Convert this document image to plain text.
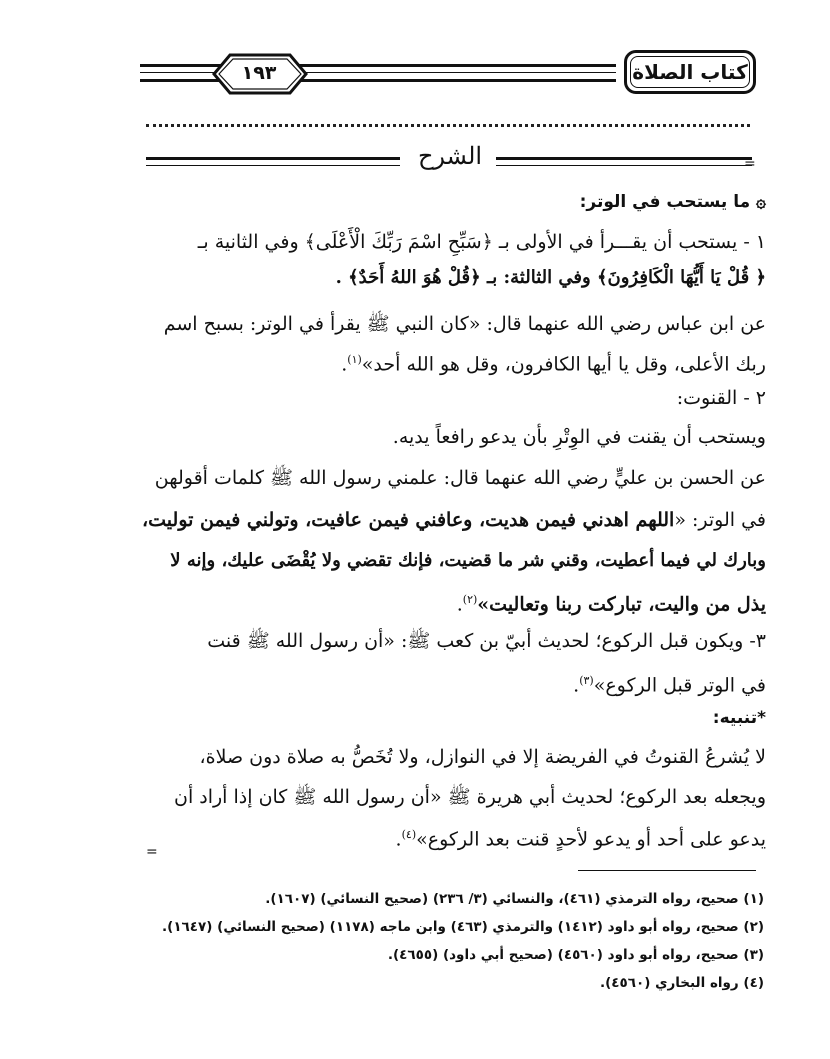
١٩٣	كتاب الصلاة
الشرح	=
۞ ما يستحب في الوتر:
١ - يستحب أن يقـــرأ في الأولى بـ ﴿سَبِّحِ اسْمَ رَبِّكَ الْأَعْلَى﴾ وفي الثانية بـ
﴿ قُلْ يَا أَيُّهَا الْكَافِرُونَ﴾ وفي الثالثة: بـ ﴿قُلْ هُوَ اللهُ أَحَدٌ﴾ .
عن ابن عباس رضي الله عنهما قال: «كان النبي ﷺ يقرأ في الوتر: بسبح اسم
ربك الأعلى، وقل يا أيها الكافرون، وقل هو الله أحد»$^{(١)}$.
٢ - القنوت:
ويستحب أن يقنت في الوِتْرِ بأن يدعو رافعاً يديه.
عن الحسن بن عليٍّ رضي الله عنهما قال: علمني رسول الله ﷺ كلمات أقولهن
في الوتر: «اللهم اهدني فيمن هديت، وعافني فيمن عافيت، وتولني فيمن توليت،
وبارك لي فيما أعطيت، وقني شر ما قضيت، فإنك تقضي ولا يُقْضَى عليك، وإنه لا
يذل من واليت، تباركت ربنا وتعاليت»$^{(٢)}$.
٣- ويكون قبل الركوع؛ لحديث أبيّ بن كعب ﷺ: «أن رسول الله ﷺ قنت
في الوتر قبل الركوع»$^{(٣)}$.
*تنبيه:
لا يُشرعُ القنوتُ في الفريضة إلا في النوازل، ولا تُخَصُّ به صلاة دون صلاة،
ويجعله بعد الركوع؛ لحديث أبي هريرة ﷺ «أن رسول الله ﷺ كان إذا أراد أن
يدعو على أحد أو يدعو لأحدٍ قنت بعد الركوع»$^{(٤)}$.
=
(١) صحيح، رواه الترمذي (٤٦١)، والنسائي (٣/ ٢٣٦) (صحيح النسائي) (١٦٠٧).
(٢) صحيح، رواه أبو داود (١٤١٢) والترمذي (٤٦٣) وابن ماجه (١١٧٨) (صحيح النسائي) (١٦٤٧).
(٣) صحيح، رواه أبو داود (٤٥٦٠) (صحيح أبي داود) (٤٦٥٥).
(٤) رواه البخاري (٤٥٦٠).
